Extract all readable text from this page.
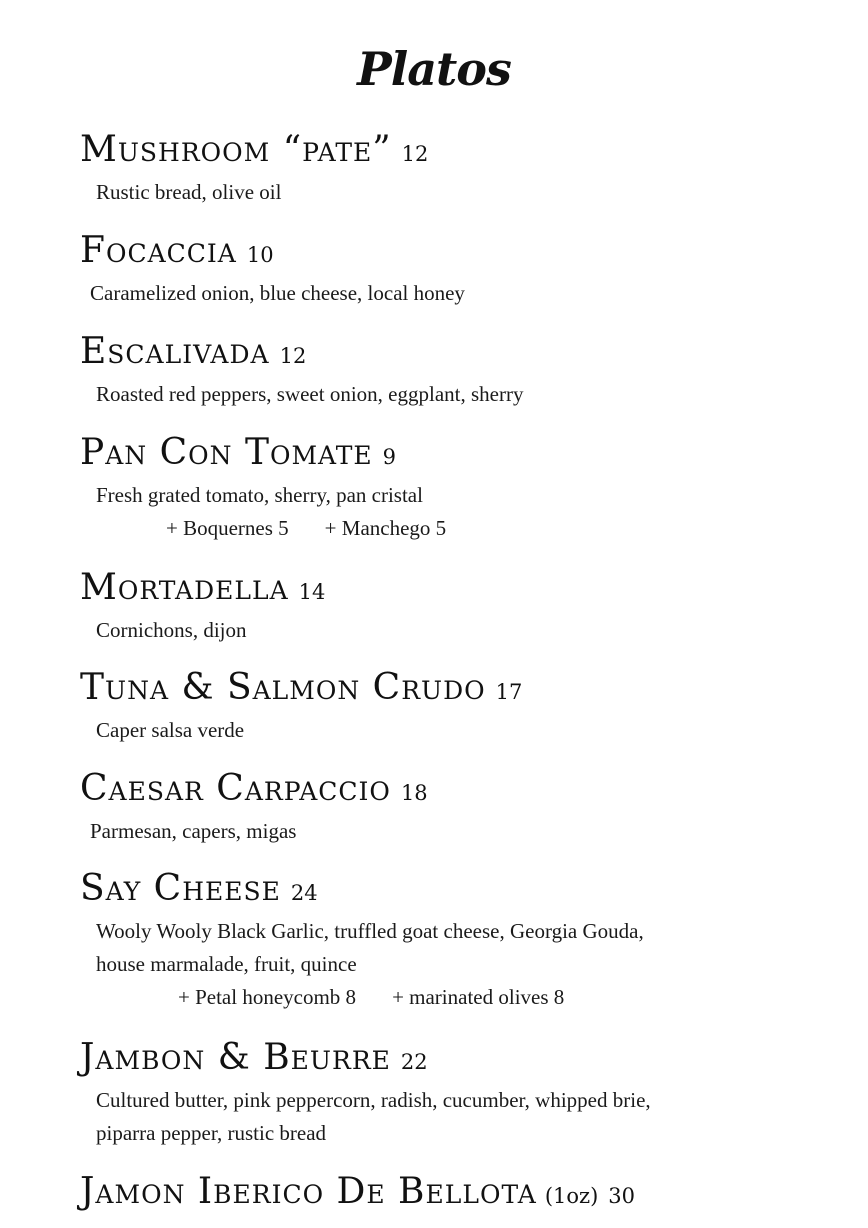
Platos
Mushroom “pate” 12
Rustic bread, olive oil
Focaccia 10
Caramelized onion, blue cheese, local honey
Escalivada 12
Roasted red peppers, sweet onion, eggplant, sherry
Pan Con Tomate 9
Fresh grated tomato, sherry, pan cristal
+ Boquernes 5 + Manchego 5
Mortadella 14
Cornichons, dijon
Tuna & Salmon Crudo 17
Caper salsa verde
Caesar Carpaccio 18
Parmesan, capers, migas
Say Cheese 24
Wooly Wooly Black Garlic, truffled goat cheese, Georgia Gouda,
house marmalade, fruit, quince
+ Petal honeycomb 8 + marinated olives 8
Jambon & Beurre 22
Cultured butter, pink peppercorn, radish, cucumber, whipped brie,
piparra pepper, rustic bread
Jamon Iberico De Bellota (1oz) 30
